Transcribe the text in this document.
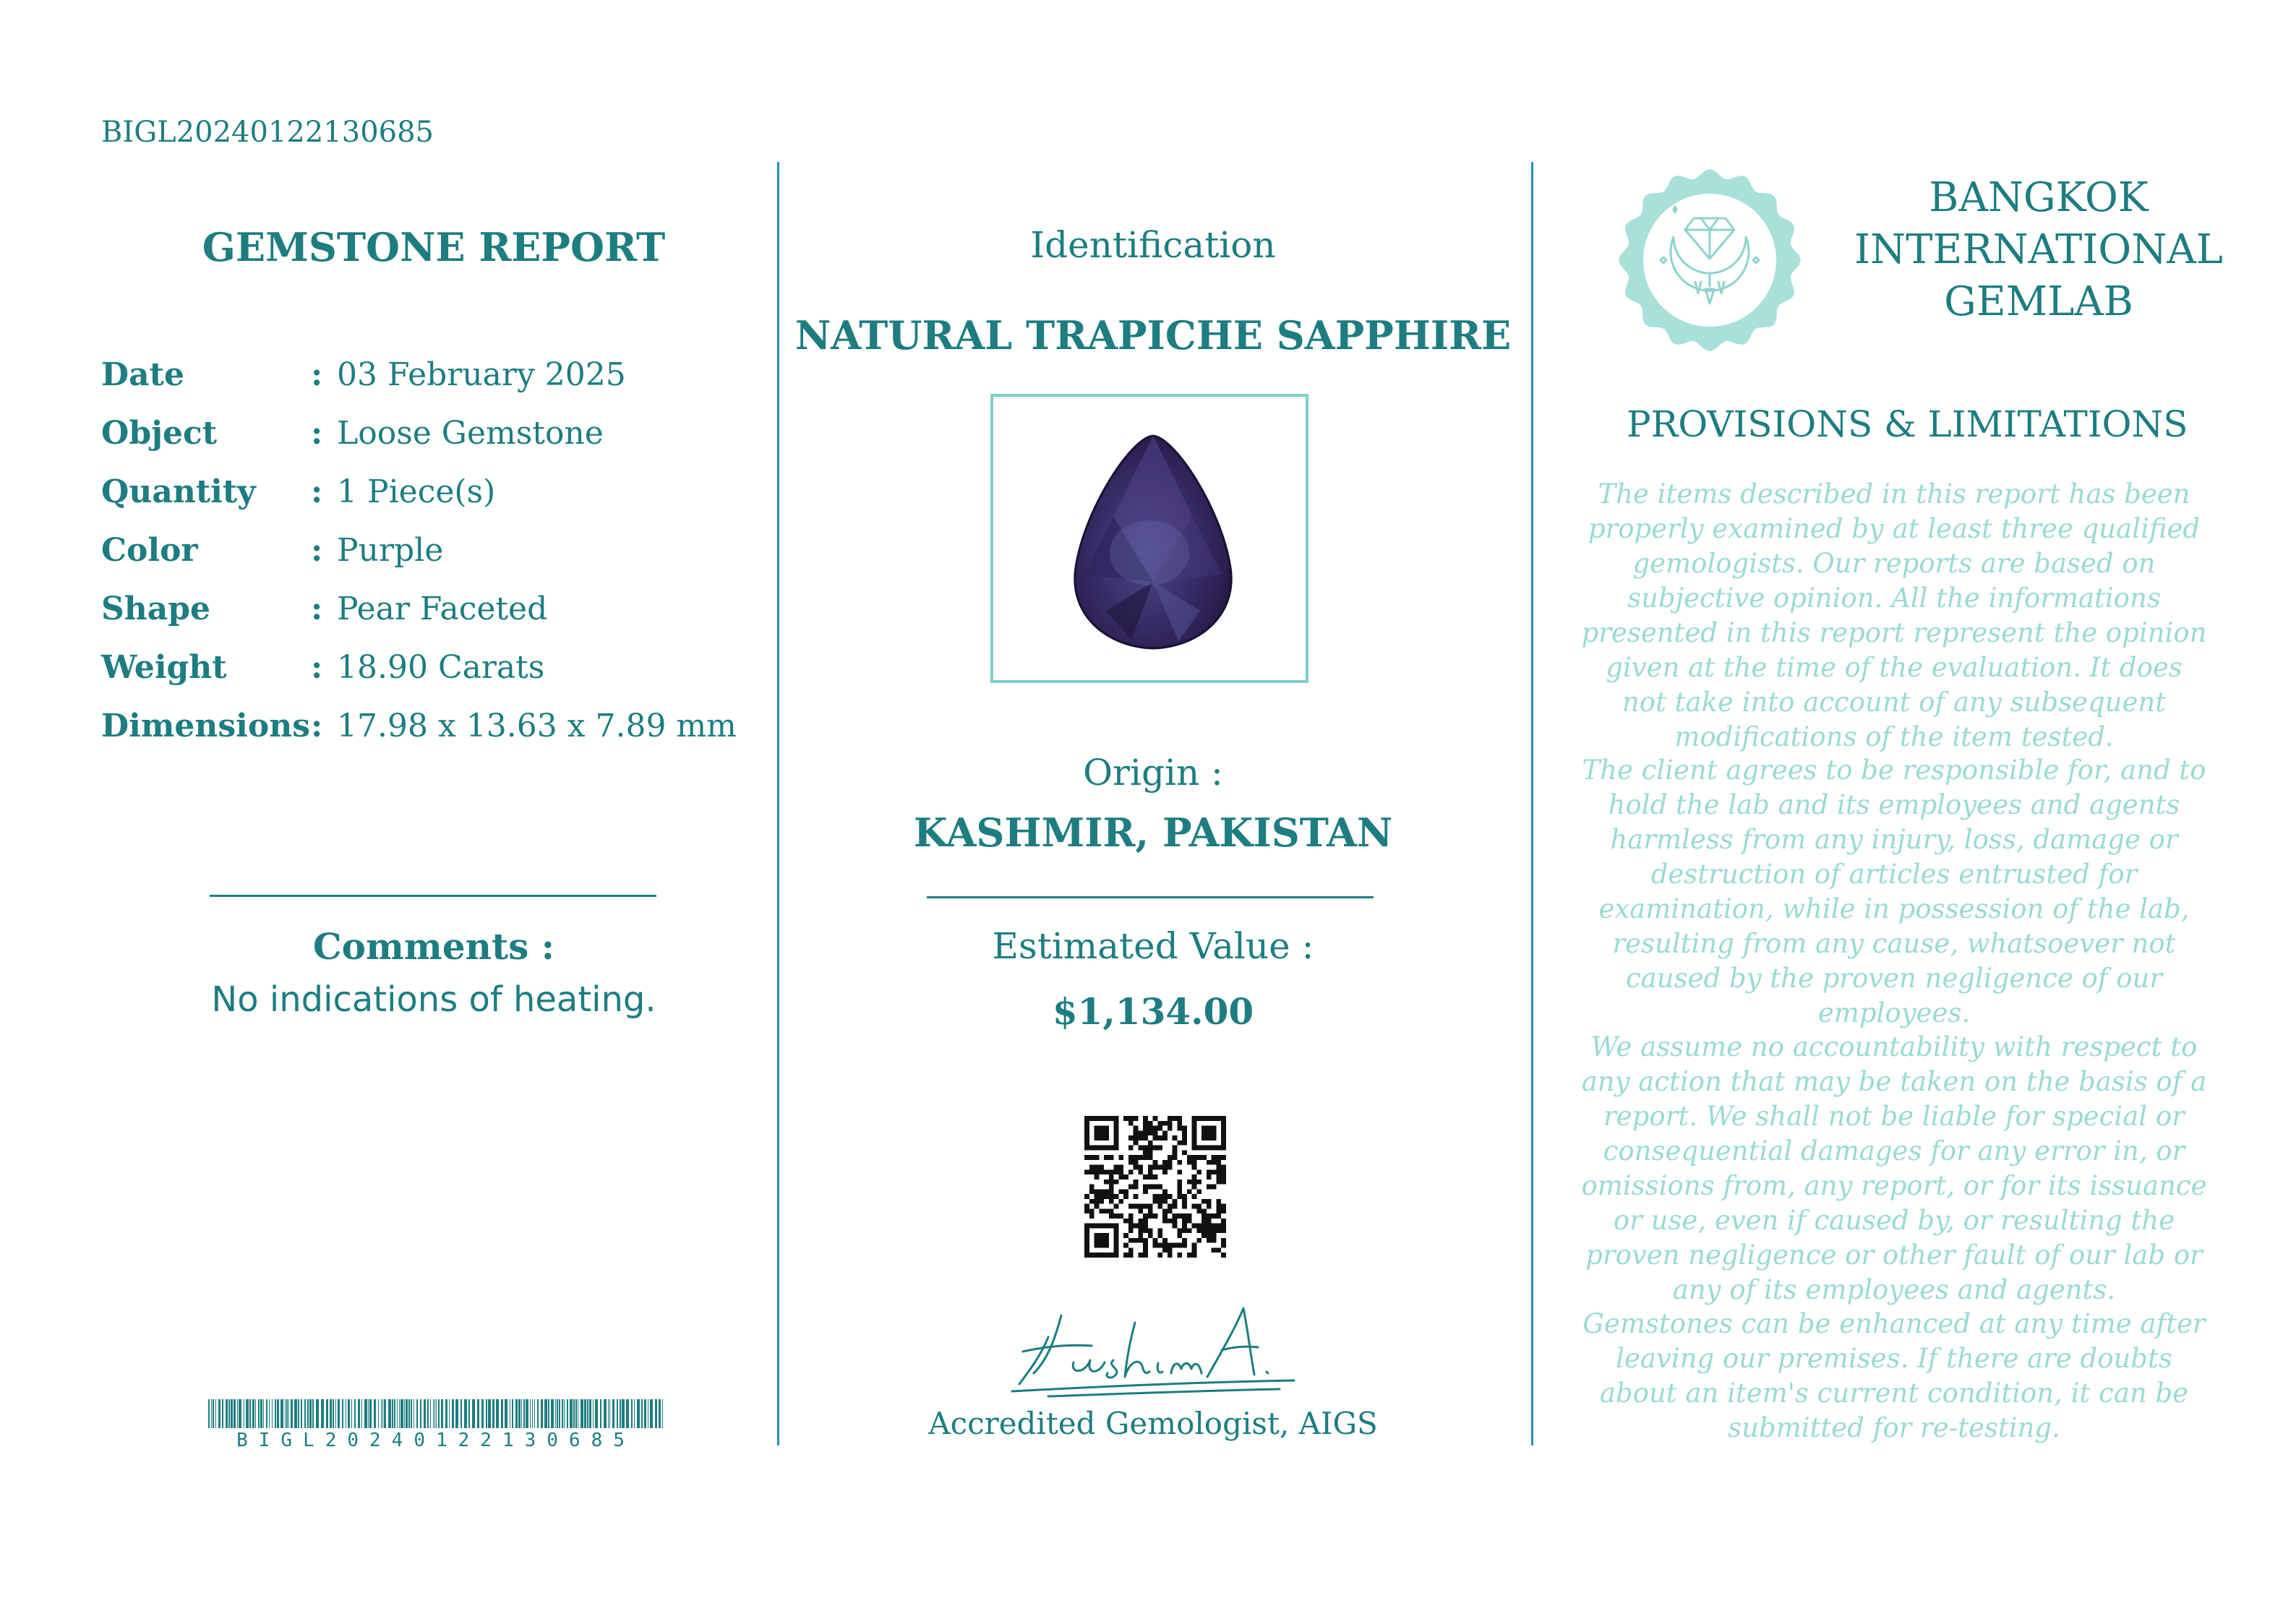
BIGL20240122130685
GEMSTONE REPORT
Date	: 03 February 2025
Object	: Loose Gemstone
Quantity	: 1 Piece(s)
Color	: Purple
Shape	: Pear Faceted
Weight	: 18.90 Carats
Dimensions : 17.98 x 13.63 x 7.89 mm
Comments :
No indications of heating.
BIGL20240122130685
Identification
NATURAL TRAPICHE SAPPHIRE
Origin :
KASHMIR, PAKISTAN
Estimated Value :
$1,134.00
Accredited Gemologist, AIGS
BANGKOK
INTERNATIONAL
GEMLAB
PROVISIONS & LIMITATIONS
The items described in this report has been properly examined by at least three qualified gemologists. Our reports are based on subjective opinion. All the informations presented in this report represent the opinion given at the time of the evaluation. It does not take into account of any subsequent modifications of the item tested.
The client agrees to be responsible for, and to hold the lab and its employees and agents harmless from any injury, loss, damage or destruction of articles entrusted for examination, while in possession of the lab, resulting from any cause, whatsoever not caused by the proven negligence of our employees.
We assume no accountability with respect to any action that may be taken on the basis of a report. We shall not be liable for special or consequential damages for any error in, or omissions from, any report, or for its issuance or use, even if caused by, or resulting the proven negligence or other fault of our lab or any of its employees and agents.
Gemstones can be enhanced at any time after leaving our premises. If there are doubts about an item's current condition, it can be submitted for re-testing.
